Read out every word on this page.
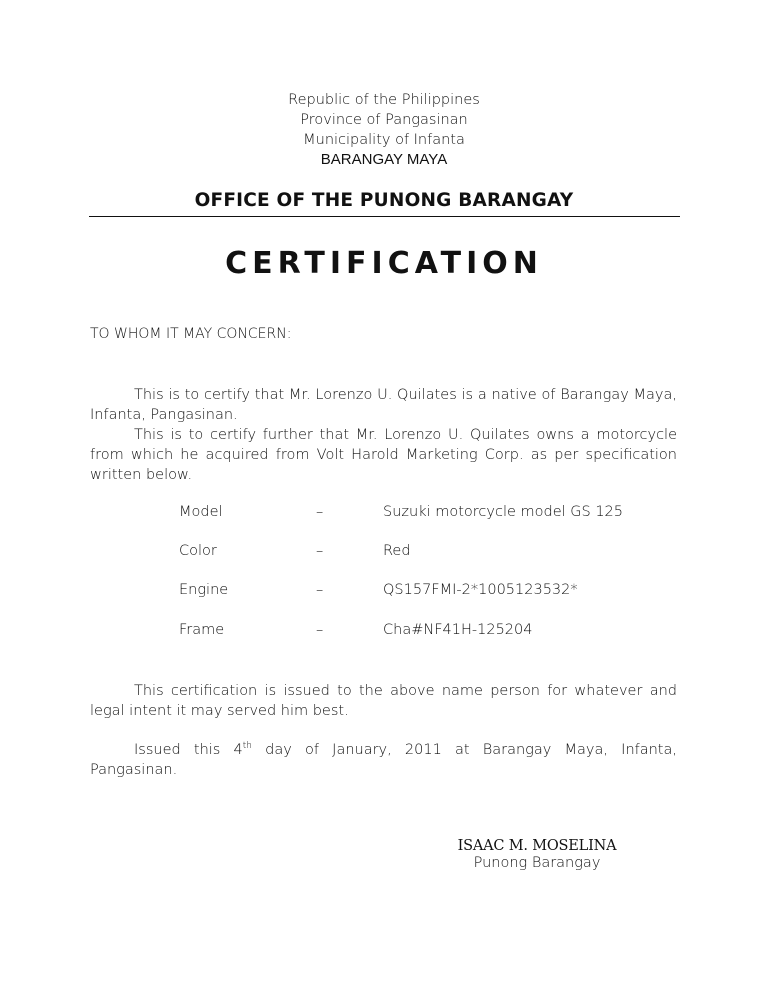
Republic of the Philippines
Province of Pangasinan
Municipality of Infanta
BARANGAY MAYA
OFFICE OF THE PUNONG BARANGAY
CERTIFICATION
TO WHOM IT MAY CONCERN:
This is to certify that Mr. Lorenzo U. Quilates is a native of Barangay Maya, Infanta, Pangasinan.
This is to certify further that Mr. Lorenzo U. Quilates owns a motorcycle from which he acquired from Volt Harold Marketing Corp. as per specification written below.
Model	–	Suzuki motorcycle model GS 125
Color	–	Red
Engine	–	QS157FMI-2*1005123532*
Frame	–	Cha#NF41H-125204
This certification is issued to the above name person for whatever and legal intent it may served him best.
Issued this 4th day of January, 2011 at Barangay Maya, Infanta, Pangasinan.
ISAAC M. MOSELINA
Punong Barangay
